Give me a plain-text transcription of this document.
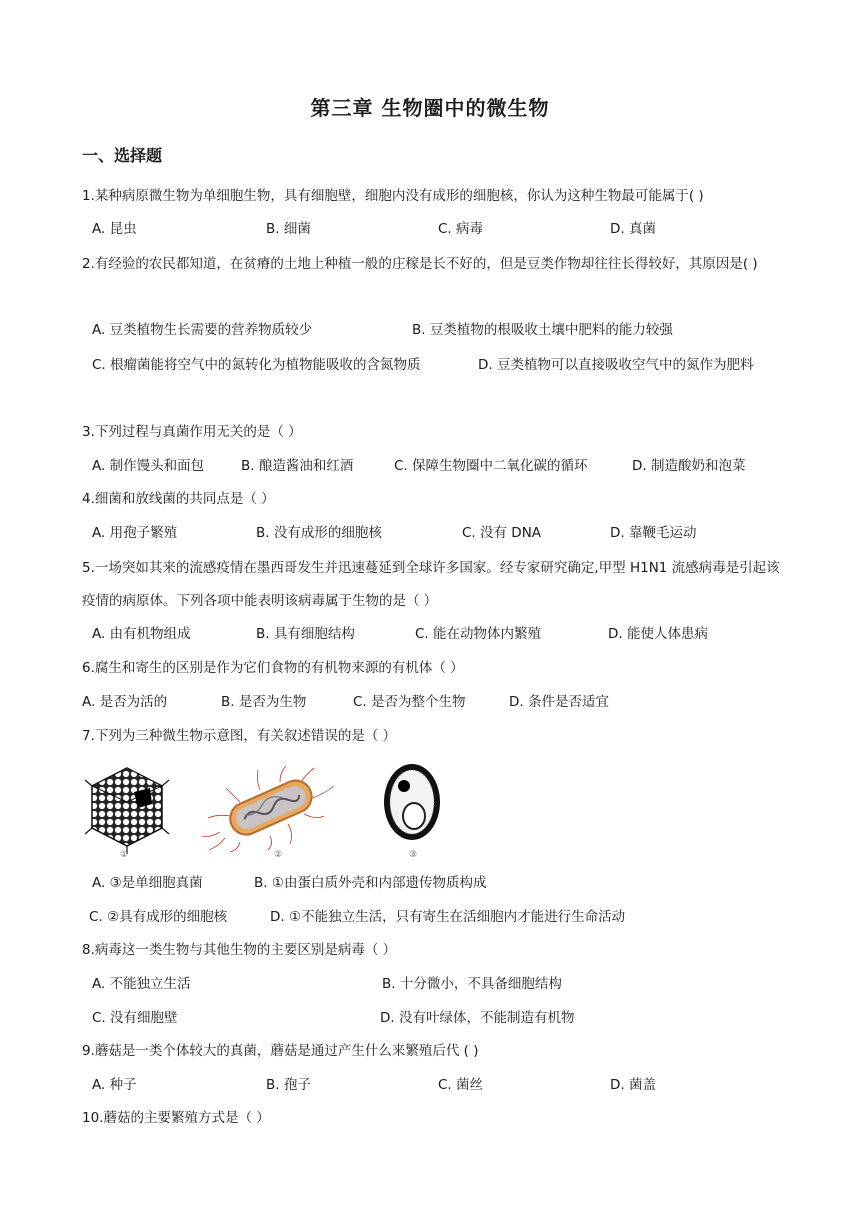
第三章 生物圈中的微生物
一、选择题
1.某种病原微生物为单细胞生物，具有细胞壁，细胞内没有成形的细胞核，你认为这种生物最可能属于( )
A. 昆虫	B. 细菌	C. 病毒	D. 真菌
2.有经验的农民都知道，在贫瘠的土地上种植一般的庄稼是长不好的，但是豆类作物却往往长得较好，其原因是( )
A. 豆类植物生长需要的营养物质较少	B. 豆类植物的根吸收土壤中肥料的能力较强
C. 根瘤菌能将空气中的氮转化为植物能吸收的含氮物质	D. 豆类植物可以直接吸收空气中的氮作为肥料
3.下列过程与真菌作用无关的是（ ）
A. 制作馒头和面包	B. 酿造酱油和红酒	C. 保障生物圈中二氧化碳的循环	D. 制造酸奶和泡菜
4.细菌和放线菌的共同点是（ ）
A. 用孢子繁殖	B. 没有成形的细胞核	C. 没有 DNA	D. 靠鞭毛运动
5.一场突如其来的流感疫情在墨西哥发生并迅速蔓延到全球许多国家。经专家研究确定,甲型 H1N1 流感病毒是引起该疫情的病原体。下列各项中能表明该病毒属于生物的是（ ）
A. 由有机物组成	B. 具有细胞结构	C. 能在动物体内繁殖	D. 能使人体患病
6.腐生和寄生的区别是作为它们食物的有机物来源的有机体（ ）
A. 是否为活的	B. 是否为生物	C. 是否为整个生物	D. 条件是否适宜
7.下列为三种微生物示意图，有关叙述错误的是（ ）
①	②	③
A. ③是单细胞真菌	B. ①由蛋白质外壳和内部遗传物质构成
C. ②具有成形的细胞核	D. ①不能独立生活，只有寄生在活细胞内才能进行生命活动
8.病毒这一类生物与其他生物的主要区别是病毒（ ）
A. 不能独立生活	B. 十分微小，不具备细胞结构
C. 没有细胞壁	D. 没有叶绿体，不能制造有机物
9.蘑菇是一类个体较大的真菌，蘑菇是通过产生什么来繁殖后代 ( )
A. 种子	B. 孢子	C. 菌丝	D. 菌盖
10.蘑菇的主要繁殖方式是（ ）
